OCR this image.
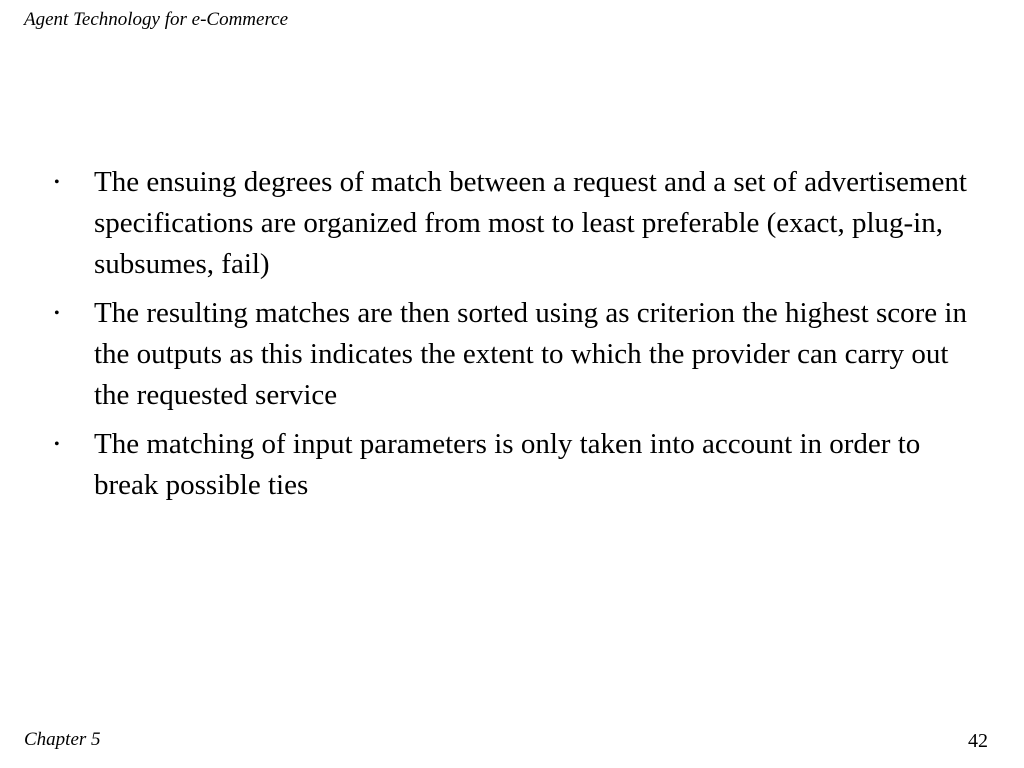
Agent Technology for e-Commerce
•	The ensuing degrees of match between a request and a set of advertisement specifications are organized from most to least preferable (exact, plug-in, subsumes, fail)
•	The resulting matches are then sorted using as criterion the highest score in the outputs as this indicates the extent to which the provider can carry out the requested service
•	The matching of input parameters is only taken into account in order to break possible ties
Chapter 5	42
